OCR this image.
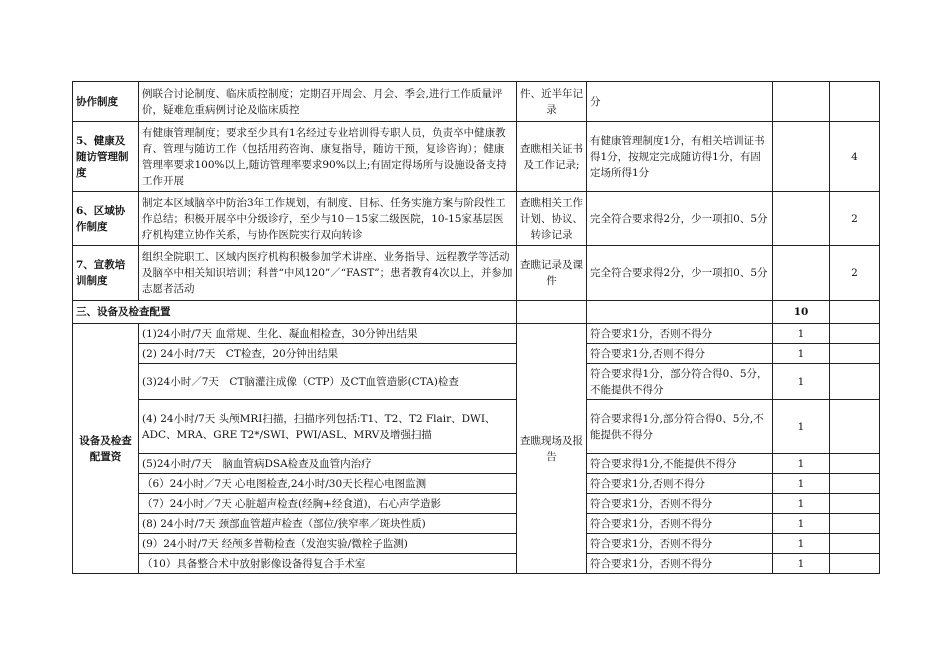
协作制度	例联合讨论制度、临床质控制度；定期召开周会、月会、季会,进行工作质量评价，疑难危重病例讨论及临床质控	件、近半年记录	分		
5、健康及随访管理制度	有健康管理制度；要求至少具有1名经过专业培训得专职人员，负责卒中健康教育、管理与随访工作（包括用药咨询、康复指导，随访干预，复诊咨询）；健康管理率要求100%以上,随访管理率要求90%以上;有固定得场所与设施设备支持工作开展	查瞧相关证书及工作记录;	有健康管理制度1分，有相关培训证书得1分，按规定完成随访得1分，有固定场所得1分		4
6、区域协作制度	制定本区域脑卒中防治3年工作规划，有制度、目标、任务实施方案与阶段性工作总结；积极开展卒中分级诊疗，至少与10－15家二级医院，10-15家基层医疗机构建立协作关系，与协作医院实行双向转诊	查瞧相关工作计划、协议、转诊记录	完全符合要求得2分，少一项扣0、5分		2
7、宣教培训制度	组织全院职工、区域内医疗机构积极参加学术讲座、业务指导、远程教学等活动及脑卒中相关知识培训；科普“中风120”／“FAST”；患者教育4次以上，并参加志愿者活动	查瞧记录及课件	完全符合要求得2分，少一项扣0、5分		2
三、设备及检查配置				10	
设备及检查配置资	(1)24小时/7天 血常规、生化、凝血相检查，30分钟出结果	查瞧现场及报告	符合要求1分，否则不得分	1	
	(2) 24小时/7天　CT检查，20分钟出结果		符合要求1分,否则不得分	1	
	(3)24小时／7天　CT脑灌注成像（CTP）及CT血管造影(CTA)检查		符合要求得1分，部分符合得0、5分，不能提供不得分	1	
	(4) 24小时/7天 头颅MRI扫描，扫描序列包括:T1、T2、T2 Flair、DWI、ADC、MRA、GRE T2*/SWI、PWI/ASL、MRV及增强扫描		符合要求得1分,部分符合得0、5分,不能提供不得分	1	
	(5)24小时/7天　脑血管病DSA检查及血管内治疗		符合要求得1分,不能提供不得分	1	
	（6）24小时／7天 心电图检查,24小时/30天长程心电图监测		符合要求1分,否则不得分	1	
	（7）24小时／7天 心脏超声检查(经胸+经食道)，右心声学造影		符合要求1分，否则不得分	1	
	(8) 24小时/7天 颈部血管超声检查（部位/狭窄率／斑块性质)		符合要求1分，否则不得分	1	
	(9）24小时/7天 经颅多普勒检查（发泡实验/微栓子监测)		符合要求1分，否则不得分	1	
	（10）具备整合术中放射影像设备得复合手术室		符合要求1分，否则不得分	1	
